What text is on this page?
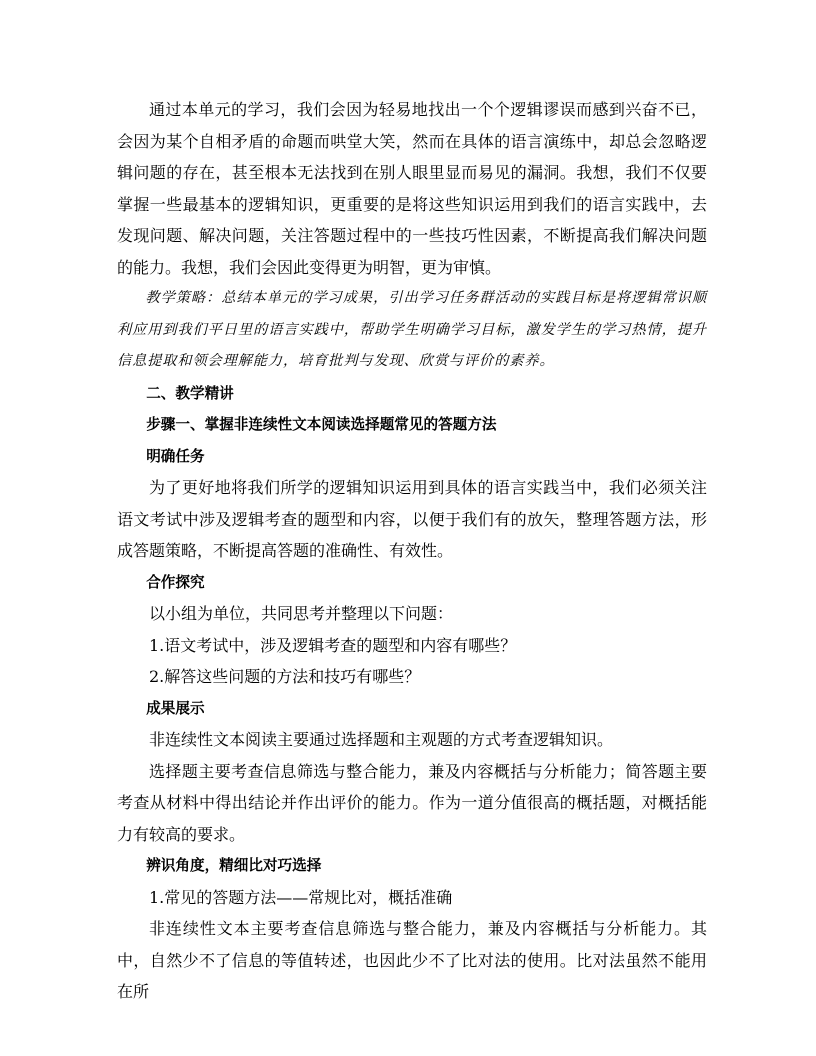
通过本单元的学习，我们会因为轻易地找出一个个逻辑谬误而感到兴奋不已，会因为某个自相矛盾的命题而哄堂大笑，然而在具体的语言演练中，却总会忽略逻辑问题的存在，甚至根本无法找到在别人眼里显而易见的漏洞。我想，我们不仅要掌握一些最基本的逻辑知识，更重要的是将这些知识运用到我们的语言实践中，去发现问题、解决问题，关注答题过程中的一些技巧性因素，不断提高我们解决问题的能力。我想，我们会因此变得更为明智，更为审慎。

教学策略：总结本单元的学习成果，引出学习任务群活动的实践目标是将逻辑常识顺利应用到我们平日里的语言实践中，帮助学生明确学习目标，激发学生的学习热情，提升信息提取和领会理解能力，培育批判与发现、欣赏与评价的素养。

二、教学精讲

步骤一、掌握非连续性文本阅读选择题常见的答题方法

明确任务

为了更好地将我们所学的逻辑知识运用到具体的语言实践当中，我们必须关注语文考试中涉及逻辑考查的题型和内容，以便于我们有的放矢，整理答题方法，形成答题策略，不断提高答题的准确性、有效性。

合作探究

以小组为单位，共同思考并整理以下问题：

1.语文考试中，涉及逻辑考查的题型和内容有哪些？

2.解答这些问题的方法和技巧有哪些？

成果展示

非连续性文本阅读主要通过选择题和主观题的方式考查逻辑知识。

选择题主要考查信息筛选与整合能力，兼及内容概括与分析能力；简答题主要考查从材料中得出结论并作出评价的能力。作为一道分值很高的概括题，对概括能力有较高的要求。

辨识角度，精细比对巧选择

1.常见的答题方法——常规比对，概括准确

非连续性文本主要考查信息筛选与整合能力，兼及内容概括与分析能力。其中，自然少不了信息的等值转述，也因此少不了比对法的使用。比对法虽然不能用在所
